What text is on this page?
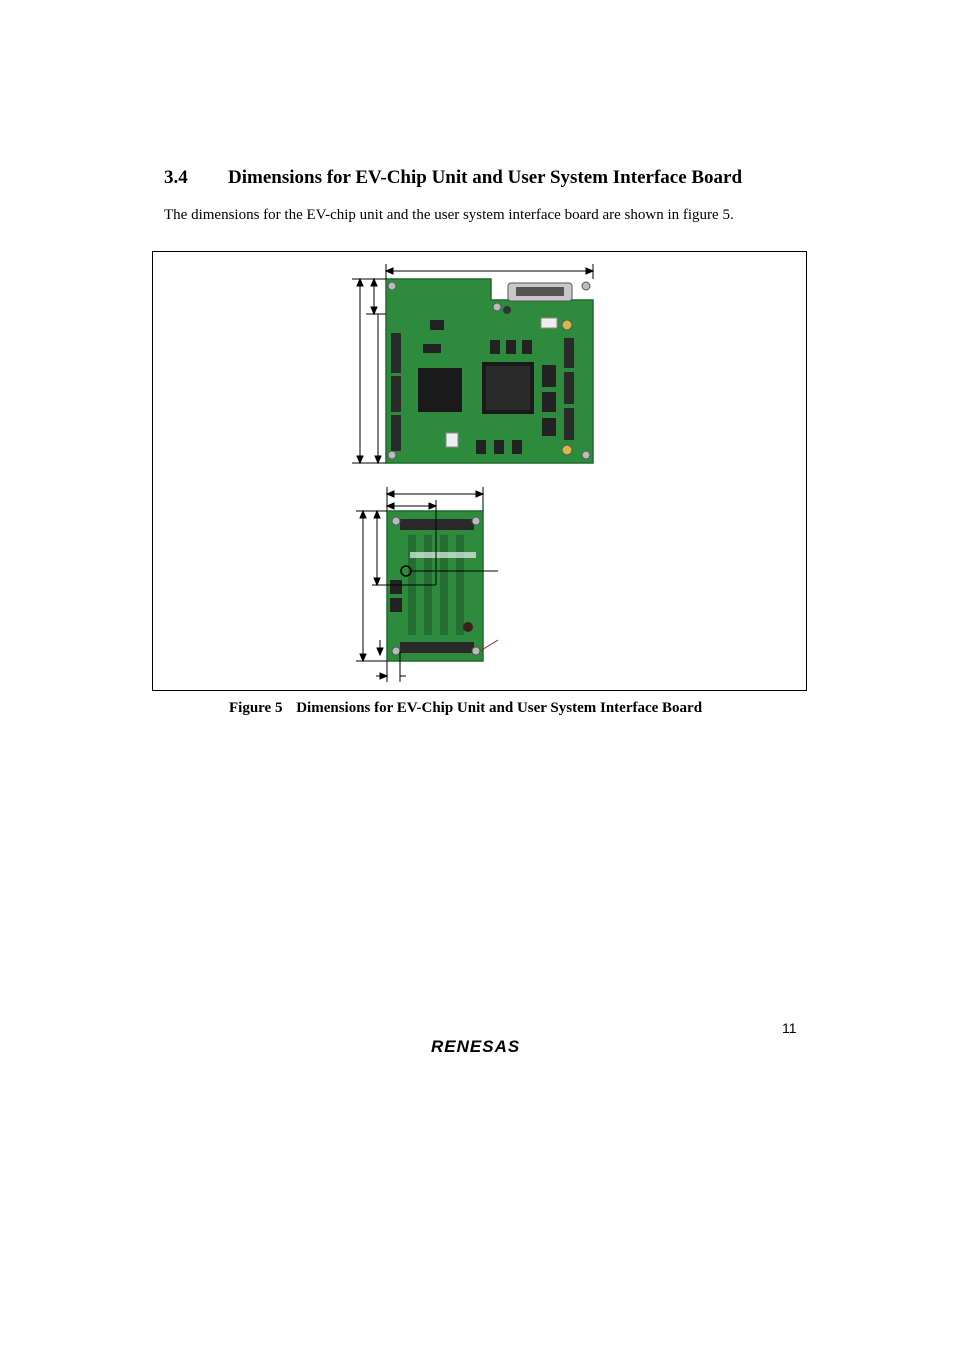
3.4 Dimensions for EV-Chip Unit and User System Interface Board
The dimensions for the EV-chip unit and the user system interface board are shown in figure 5.
Figure 5 Dimensions for EV-Chip Unit and User System Interface Board
11
RENESAS
